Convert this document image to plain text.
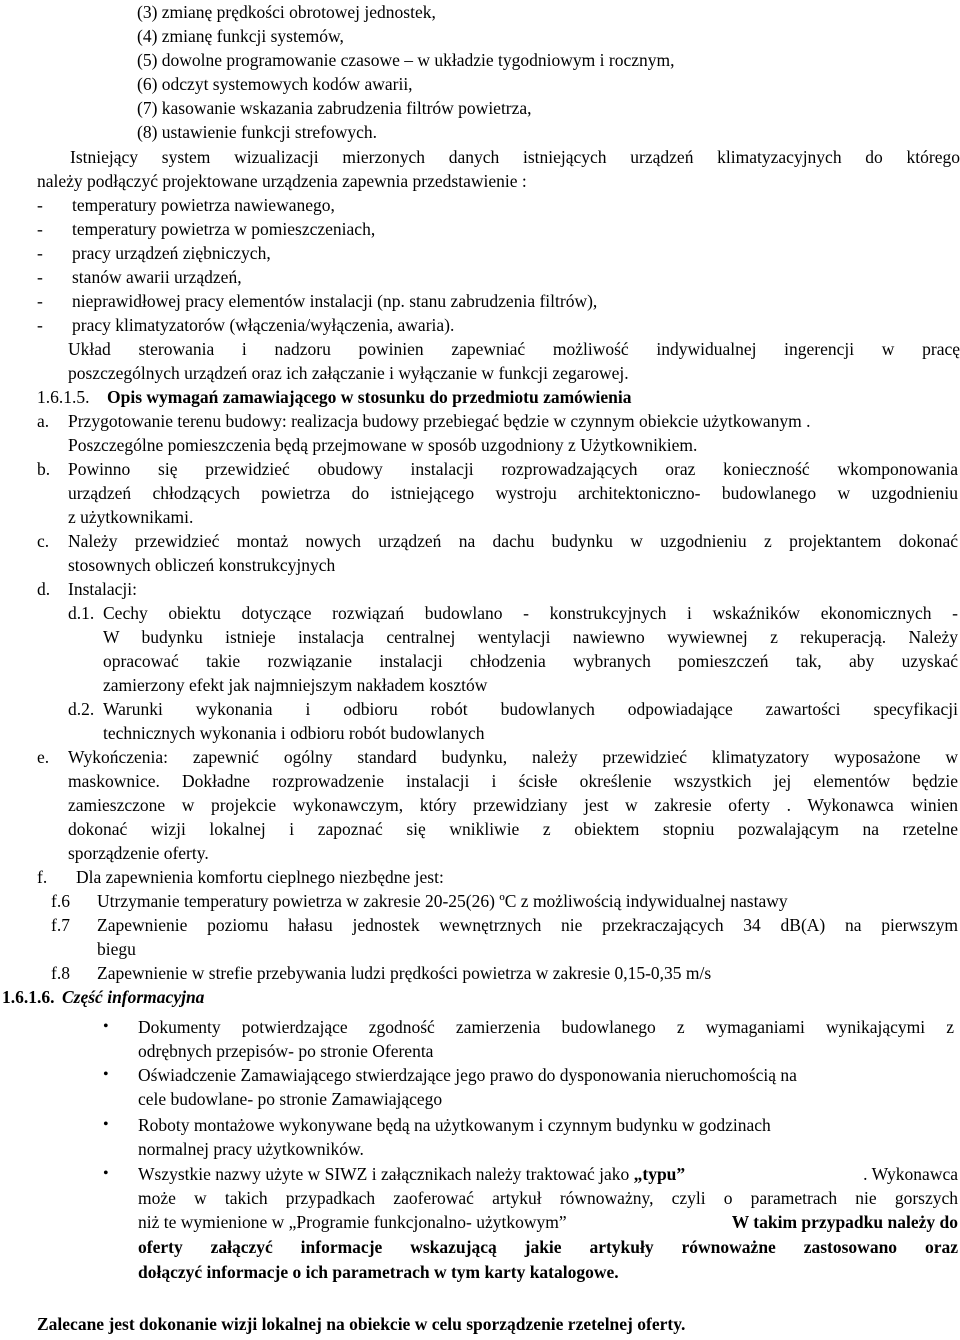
(3) zmianę prędkości obrotowej jednostek,
(4) zmianę funkcji systemów,
(5) dowolne programowanie czasowe – w układzie tygodniowym i rocznym,
(6) odczyt systemowych kodów awarii,
(7) kasowanie wskazania zabrudzenia filtrów powietrza,
(8) ustawienie funkcji strefowych.
Istniejący system wizualizacji mierzonych danych istniejących urządzeń klimatyzacyjnych do którego
należy podłączyć projektowane urządzenia zapewnia przedstawienie :
- temperatury powietrza nawiewanego,
- temperatury powietrza w pomieszczeniach,
- pracy urządzeń ziębniczych,
- stanów awarii urządzeń,
- nieprawidłowej pracy elementów instalacji (np. stanu zabrudzenia filtrów),
- pracy klimatyzatorów (włączenia/wyłączenia, awaria).
Układ sterowania i nadzoru powinien zapewniać możliwość indywidualnej ingerencji w pracę
poszczególnych urządzeń oraz ich załączanie i wyłączanie w funkcji zegarowej.
1.6.1.5. Opis wymagań zamawiającego w stosunku do przedmiotu zamówienia
a. Przygotowanie terenu budowy: realizacja budowy przebiegać będzie w czynnym obiekcie użytkowanym .
Poszczególne pomieszczenia będą przejmowane w sposób uzgodniony z Użytkownikiem.
b. Powinno się przewidzieć obudowy instalacji rozprowadzających oraz konieczność wkomponowania
urządzeń chłodzących powietrza do istniejącego wystroju architektoniczno- budowlanego w uzgodnieniu
z użytkownikami.
c. Należy przewidzieć montaż nowych urządzeń na dachu budynku w uzgodnieniu z projektantem dokonać
stosownych obliczeń konstrukcyjnych
d. Instalacji:
d.1. Cechy obiektu dotyczące rozwiązań budowlano - konstrukcyjnych i wskaźników ekonomicznych -
W budynku istnieje instalacja centralnej wentylacji nawiewno wywiewnej z rekuperacją. Należy
opracować takie rozwiązanie instalacji chłodzenia wybranych pomieszczeń tak, aby uzyskać
zamierzony efekt jak najmniejszym nakładem kosztów
d.2. Warunki wykonania i odbioru robót budowlanych odpowiadające zawartości specyfikacji
technicznych wykonania i odbioru robót budowlanych
e. Wykończenia: zapewnić ogólny standard budynku, należy przewidzieć klimatyzatory wyposażone w
maskownice. Dokładne rozprowadzenie instalacji i ścisłe określenie wszystkich jej elementów będzie
zamieszczone w projekcie wykonawczym, który przewidziany jest w zakresie oferty . Wykonawca winien
dokonać wizji lokalnej i zapoznać się wnikliwie z obiektem stopniu pozwalającym na rzetelne
sporządzenie oferty.
f. Dla zapewnienia komfortu cieplnego niezbędne jest:
f.6 Utrzymanie temperatury powietrza w zakresie 20-25(26) ºC z możliwością indywidualnej nastawy
f.7 Zapewnienie poziomu hałasu jednostek wewnętrznych nie przekraczających 34 dB(A) na pierwszym
biegu
f.8 Zapewnienie w strefie przebywania ludzi prędkości powietrza w zakresie 0,15-0,35 m/s
1.6.1.6. Część informacyjna
• Dokumenty potwierdzające zgodność zamierzenia budowlanego z wymaganiami wynikającymi z
odrębnych przepisów- po stronie Oferenta
• Oświadczenie Zamawiającego stwierdzające jego prawo do dysponowania nieruchomością na
cele budowlane- po stronie Zamawiającego
• Roboty montażowe wykonywane będą na użytkowanym i czynnym budynku w godzinach
normalnej pracy użytkowników.
• Wszystkie nazwy użyte w SIWZ i załącznikach należy traktować jako „typu”	. Wykonawca
może w takich przypadkach zaoferować artykuł równoważny, czyli o parametrach nie gorszych
niż te wymienione w „Programie funkcjonalno- użytkowym”	W takim przypadku należy do
oferty załączyć informacje wskazującą jakie artykuły równoważne zastosowano oraz
dołączyć informacje o ich parametrach w tym karty katalogowe.
Zalecane jest dokonanie wizji lokalnej na obiekcie w celu sporządzenie rzetelnej oferty.
